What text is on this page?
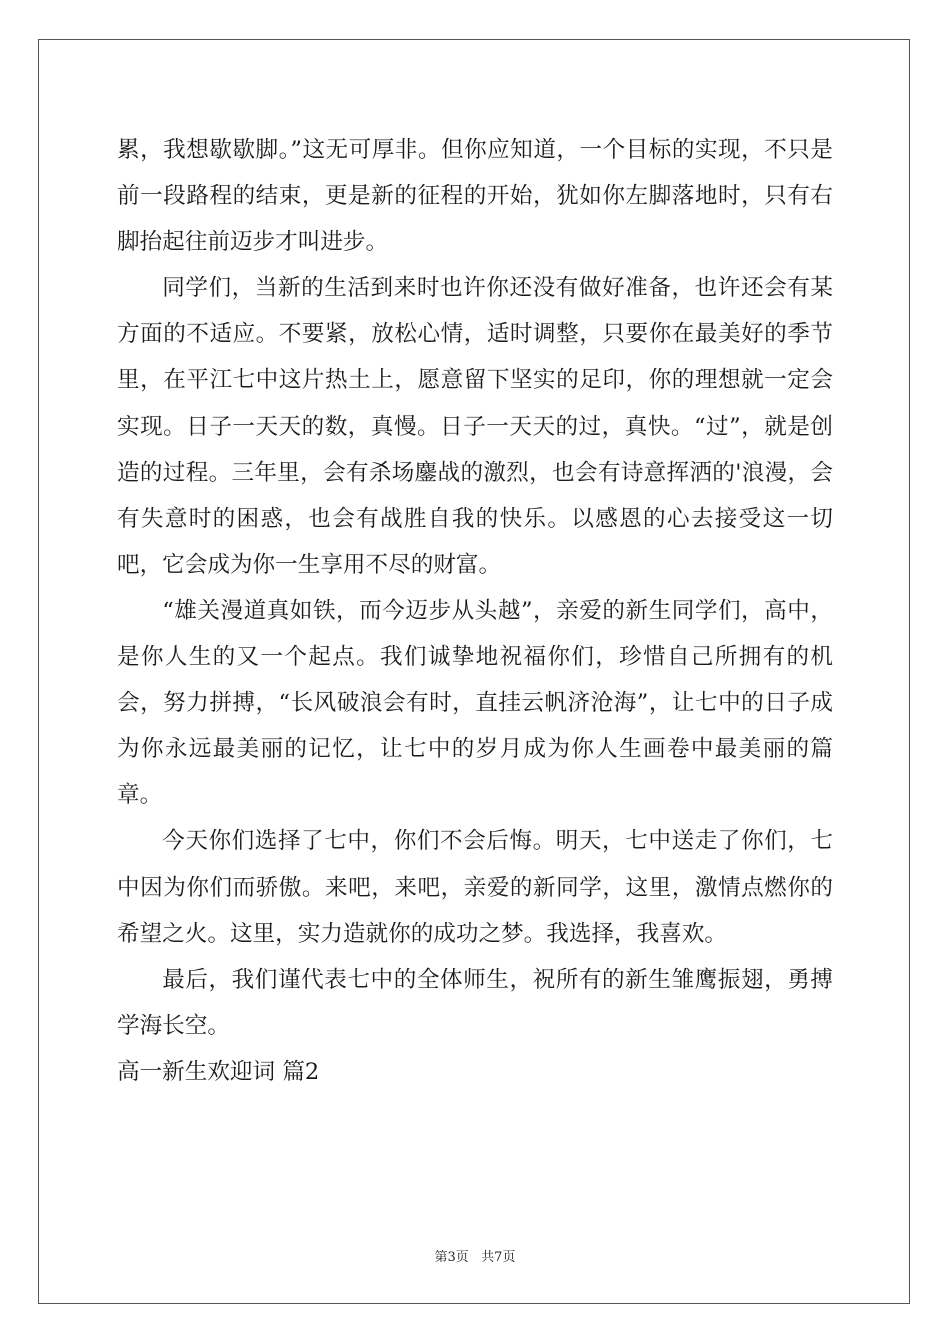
累，我想歇歇脚。”这无可厚非。但你应知道，一个目标的实现，不只是前一段路程的结束，更是新的征程的开始，犹如你左脚落地时，只有右脚抬起往前迈步才叫进步。

同学们，当新的生活到来时也许你还没有做好准备，也许还会有某方面的不适应。不要紧，放松心情，适时调整，只要你在最美好的季节里，在平江七中这片热土上，愿意留下坚实的足印，你的理想就一定会实现。日子一天天的数，真慢。日子一天天的过，真快。“过”，就是创造的过程。三年里，会有杀场鏖战的激烈，也会有诗意挥洒的'浪漫，会有失意时的困惑，也会有战胜自我的快乐。以感恩的心去接受这一切吧，它会成为你一生享用不尽的财富。

“雄关漫道真如铁，而今迈步从头越”，亲爱的新生同学们，高中，是你人生的又一个起点。我们诚挚地祝福你们，珍惜自己所拥有的机会，努力拼搏，“长风破浪会有时，直挂云帆济沧海”，让七中的日子成为你永远最美丽的记忆，让七中的岁月成为你人生画卷中最美丽的篇章。

今天你们选择了七中，你们不会后悔。明天，七中送走了你们，七中因为你们而骄傲。来吧，来吧，亲爱的新同学，这里，激情点燃你的希望之火。这里，实力造就你的成功之梦。我选择，我喜欢。

最后，我们谨代表七中的全体师生，祝所有的新生雏鹰振翅，勇搏学海长空。

高一新生欢迎词 篇2

第3页   共7页
